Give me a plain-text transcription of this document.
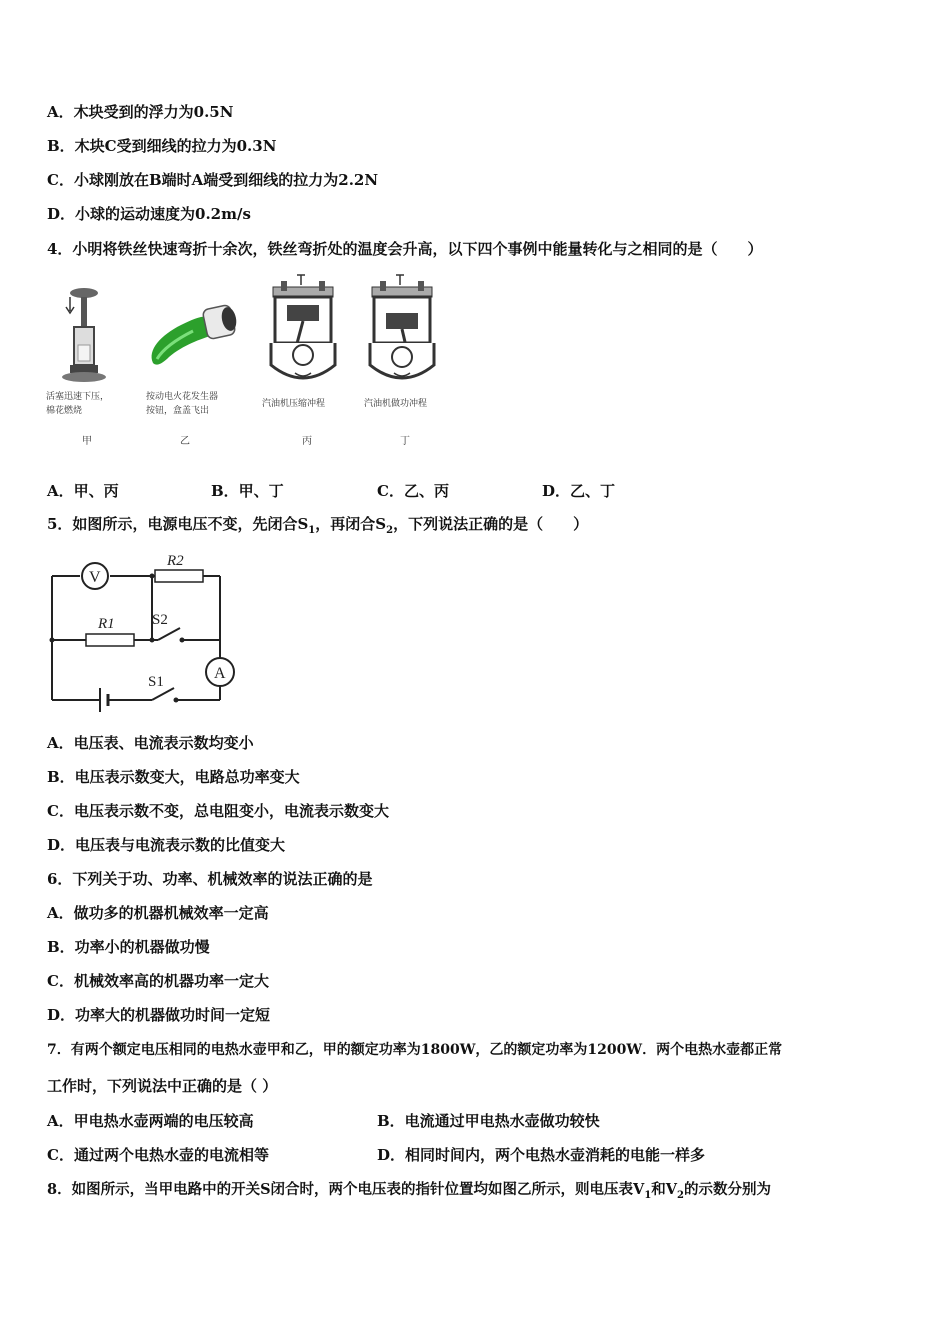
A．木块受到的浮力为0.5N
B．木块C受到细线的拉力为0.3N
C．小球刚放在B端时A端受到细线的拉力为2.2N
D．小球的运动速度为0.2m/s
4．小明将铁丝快速弯折十余次，铁丝弯折处的温度会升高，以下四个事例中能量转化与之相同的是（　　）
活塞迅速下压，
棉花燃烧
甲
按动电火花发生器
按钮，盒盖飞出
乙
汽油机压缩冲程
丙
汽油机做功冲程
丁
A．甲、丙	B．甲、丁	C．乙、丙	D．乙、丁
5．如图所示，电源电压不变，先闭合$S_1$，再闭合$S_2$，下列说法正确的是（　　）
V
A
R2
R1 S2
S1
A．电压表、电流表示数均变小
B．电压表示数变大，电路总功率变大
C．电压表示数不变，总电阻变小，电流表示数变大
D．电压表与电流表示数的比值变大
6．下列关于功、功率、机械效率的说法正确的是
A．做功多的机器机械效率一定高
B．功率小的机器做功慢
C．机械效率高的机器功率一定大
D．功率大的机器做功时间一定短
7．有两个额定电压相同的电热水壶甲和乙，甲的额定功率为1800W，乙的额定功率为1200W．两个电热水壶都正常
工作时，下列说法中正确的是（ ）
A．甲电热水壶两端的电压较高	B．电流通过甲电热水壶做功较快
C．通过两个电热水壶的电流相等	D．相同时间内，两个电热水壶消耗的电能一样多
8．如图所示，当甲电路中的开关S闭合时，两个电压表的指针位置均如图乙所示，则电压表$V_1$和$V_2$的示数分别为
